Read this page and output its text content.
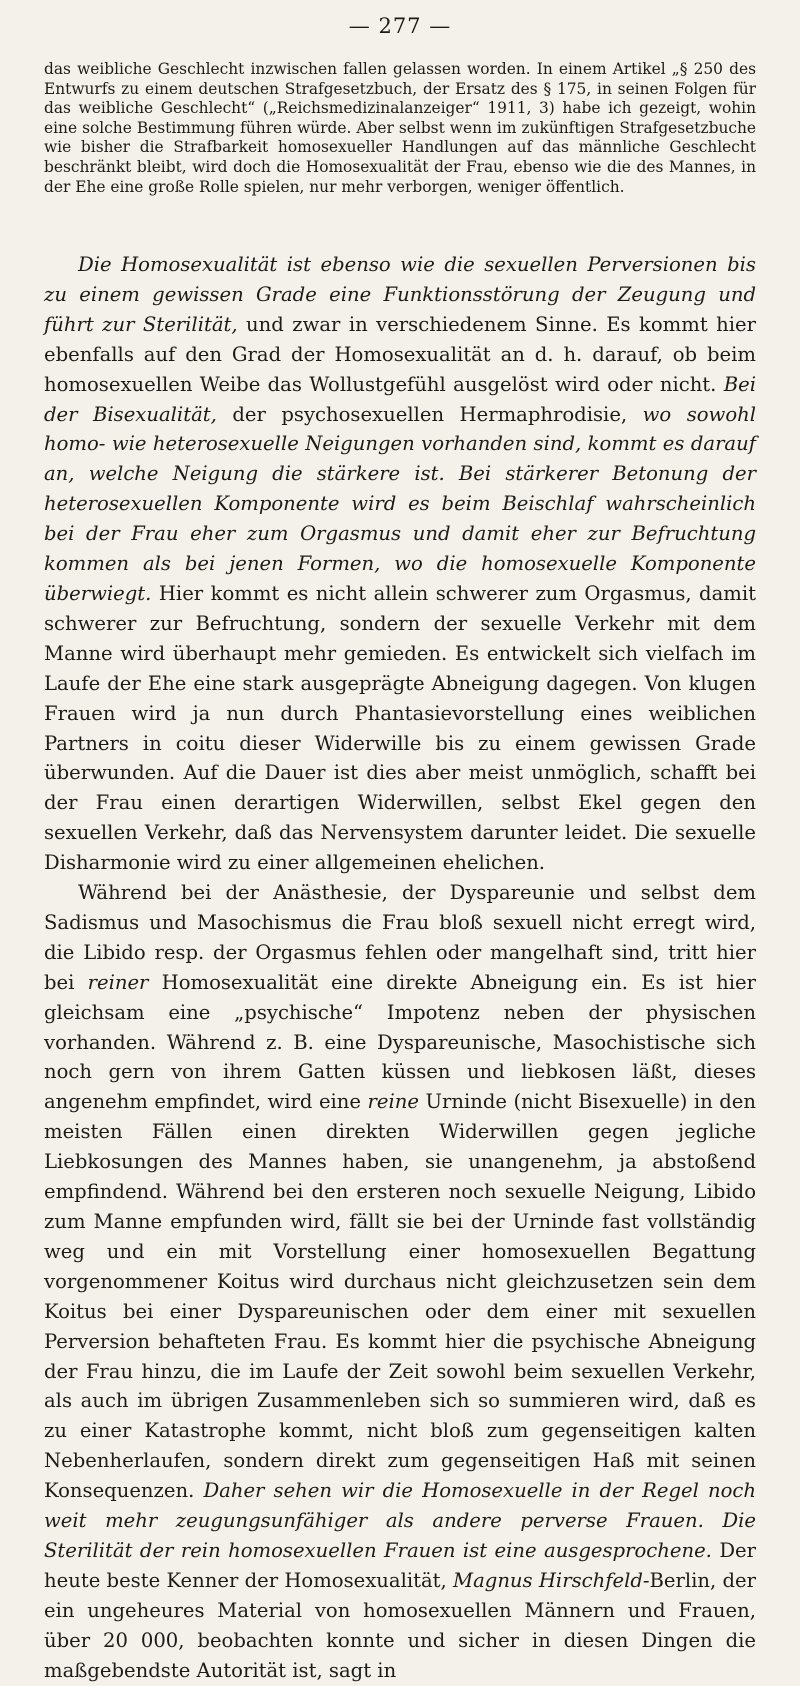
— 277 —

das weibliche Geschlecht inzwischen fallen gelassen worden. In einem Artikel „§ 250 des Entwurfs zu einem deutschen Strafgesetzbuch, der Ersatz des § 175, in seinen Folgen für das weibliche Geschlecht“ („Reichsmedizinalanzeiger“ 1911, 3) habe ich gezeigt, wohin eine solche Bestimmung führen würde. Aber selbst wenn im zukünftigen Strafgesetzbuche wie bisher die Strafbarkeit homosexueller Handlungen auf das männliche Geschlecht beschränkt bleibt, wird doch die Homosexualität der Frau, ebenso wie die des Mannes, in der Ehe eine große Rolle spielen, nur mehr verborgen, weniger öffentlich.

Die Homosexualität ist ebenso wie die sexuellen Perversionen bis zu einem gewissen Grade eine Funktionsstörung der Zeugung und führt zur Sterilität, und zwar in verschiedenem Sinne. Es kommt hier ebenfalls auf den Grad der Homosexualität an d. h. darauf, ob beim homosexuellen Weibe das Wollustgefühl ausgelöst wird oder nicht. Bei der Bisexualität, der psychosexuellen Hermaphrodisie, wo sowohl homo- wie heterosexuelle Neigungen vorhanden sind, kommt es darauf an, welche Neigung die stärkere ist. Bei stärkerer Betonung der heterosexuellen Komponente wird es beim Beischlaf wahrscheinlich bei der Frau eher zum Orgasmus und damit eher zur Befruchtung kommen als bei jenen Formen, wo die homosexuelle Komponente überwiegt. Hier kommt es nicht allein schwerer zum Orgasmus, damit schwerer zur Befruchtung, sondern der sexuelle Verkehr mit dem Manne wird überhaupt mehr gemieden. Es entwickelt sich vielfach im Laufe der Ehe eine stark ausgeprägte Abneigung dagegen. Von klugen Frauen wird ja nun durch Phantasievorstellung eines weiblichen Partners in coitu dieser Widerwille bis zu einem gewissen Grade überwunden. Auf die Dauer ist dies aber meist unmöglich, schafft bei der Frau einen derartigen Widerwillen, selbst Ekel gegen den sexuellen Verkehr, daß das Nervensystem darunter leidet. Die sexuelle Disharmonie wird zu einer allgemeinen ehelichen.

Während bei der Anästhesie, der Dyspareunie und selbst dem Sadismus und Masochismus die Frau bloß sexuell nicht erregt wird, die Libido resp. der Orgasmus fehlen oder mangelhaft sind, tritt hier bei reiner Homosexualität eine direkte Abneigung ein. Es ist hier gleichsam eine „psychische“ Impotenz neben der physischen vorhanden. Während z. B. eine Dyspareunische, Masochistische sich noch gern von ihrem Gatten küssen und liebkosen läßt, dieses angenehm empfindet, wird eine reine Urninde (nicht Bisexuelle) in den meisten Fällen einen direkten Widerwillen gegen jegliche Liebkosungen des Mannes haben, sie unangenehm, ja abstoßend empfindend. Während bei den ersteren noch sexuelle Neigung, Libido zum Manne empfunden wird, fällt sie bei der Urninde fast vollständig weg und ein mit Vorstellung einer homosexuellen Begattung vorgenommener Koitus wird durchaus nicht gleichzusetzen sein dem Koitus bei einer Dyspareunischen oder dem einer mit sexuellen Perversion behafteten Frau. Es kommt hier die psychische Abneigung der Frau hinzu, die im Laufe der Zeit sowohl beim sexuellen Verkehr, als auch im übrigen Zusammenleben sich so summieren wird, daß es zu einer Katastrophe kommt, nicht bloß zum gegenseitigen kalten Nebenherlaufen, sondern direkt zum gegenseitigen Haß mit seinen Konsequenzen. Daher sehen wir die Homosexuelle in der Regel noch weit mehr zeugungsunfähiger als andere perverse Frauen. Die Sterilität der rein homosexuellen Frauen ist eine ausgesprochene. Der heute beste Kenner der Homosexualität, Magnus Hirschfeld-Berlin, der ein ungeheures Material von homosexuellen Männern und Frauen, über 20 000, beobachten konnte und sicher in diesen Dingen die maßgebendste Autorität ist, sagt in
